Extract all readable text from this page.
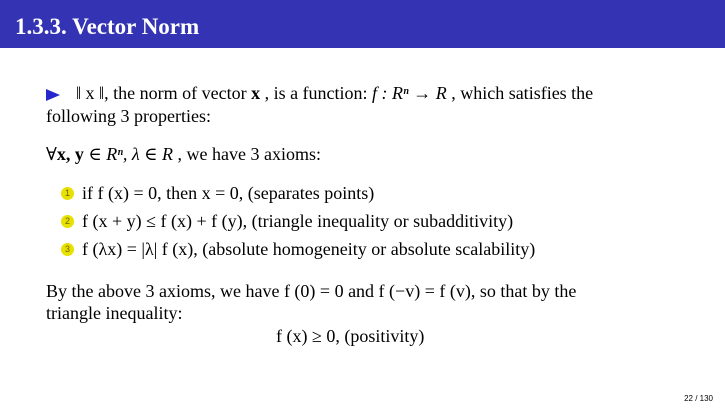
1.3.3. Vector Norm
‖ x ‖, the norm of vector x , is a function: f : Rⁿ → R , which satisfies the
following 3 properties:
∀x, y ∈ Rⁿ, λ ∈ R , we have 3 axioms:
1 if f (x) = 0, then x = 0, (separates points)
2 f (x + y) ≤ f (x) + f (y), (triangle inequality or subadditivity)
3 f (λx) = |λ| f (x), (absolute homogeneity or absolute scalability)
By the above 3 axioms, we have f (0) = 0 and f (−v) = f (v), so that by the
triangle inequality:
f (x) ≥ 0, (positivity)
22 / 130
